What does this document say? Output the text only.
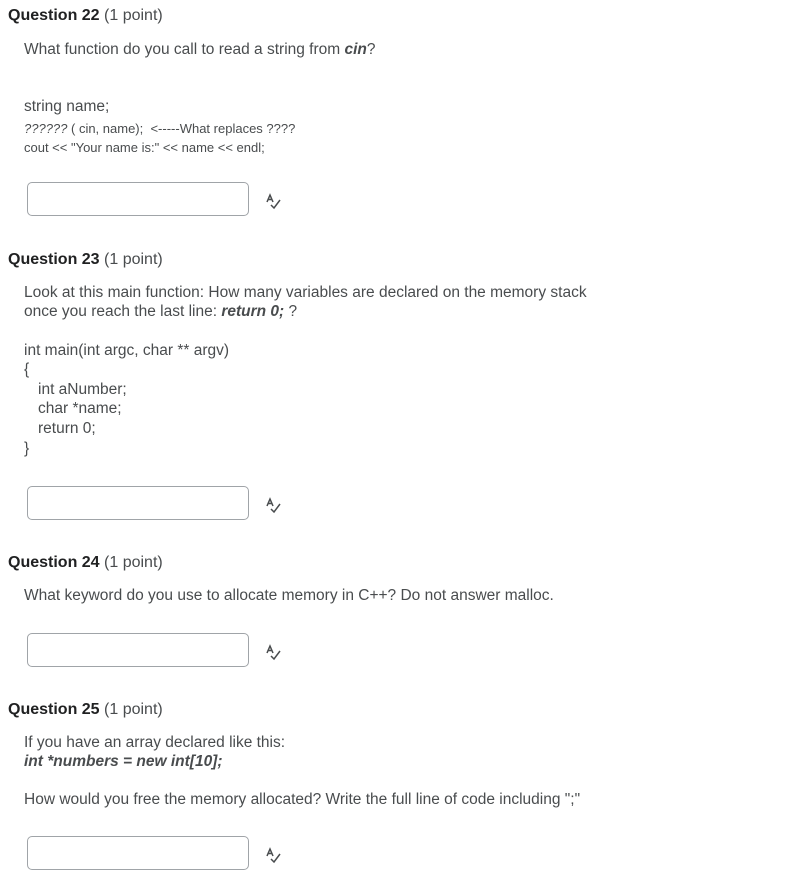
Question 22 (1 point)
What function do you call to read a string from cin?
string name;
?????? ( cin, name);  <-----What replaces ????
cout << "Your name is:" << name << endl;
Question 23 (1 point)
Look at this main function: How many variables are declared on the memory stack
once you reach the last line: return 0; ?
int main(int argc, char ** argv)
{
int aNumber;
char *name;
return 0;
}
Question 24 (1 point)
What keyword do you use to allocate memory in C++? Do not answer malloc.
Question 25 (1 point)
If you have an array declared like this:
int *numbers = new int[10];
How would you free the memory allocated? Write the full line of code including ";"
